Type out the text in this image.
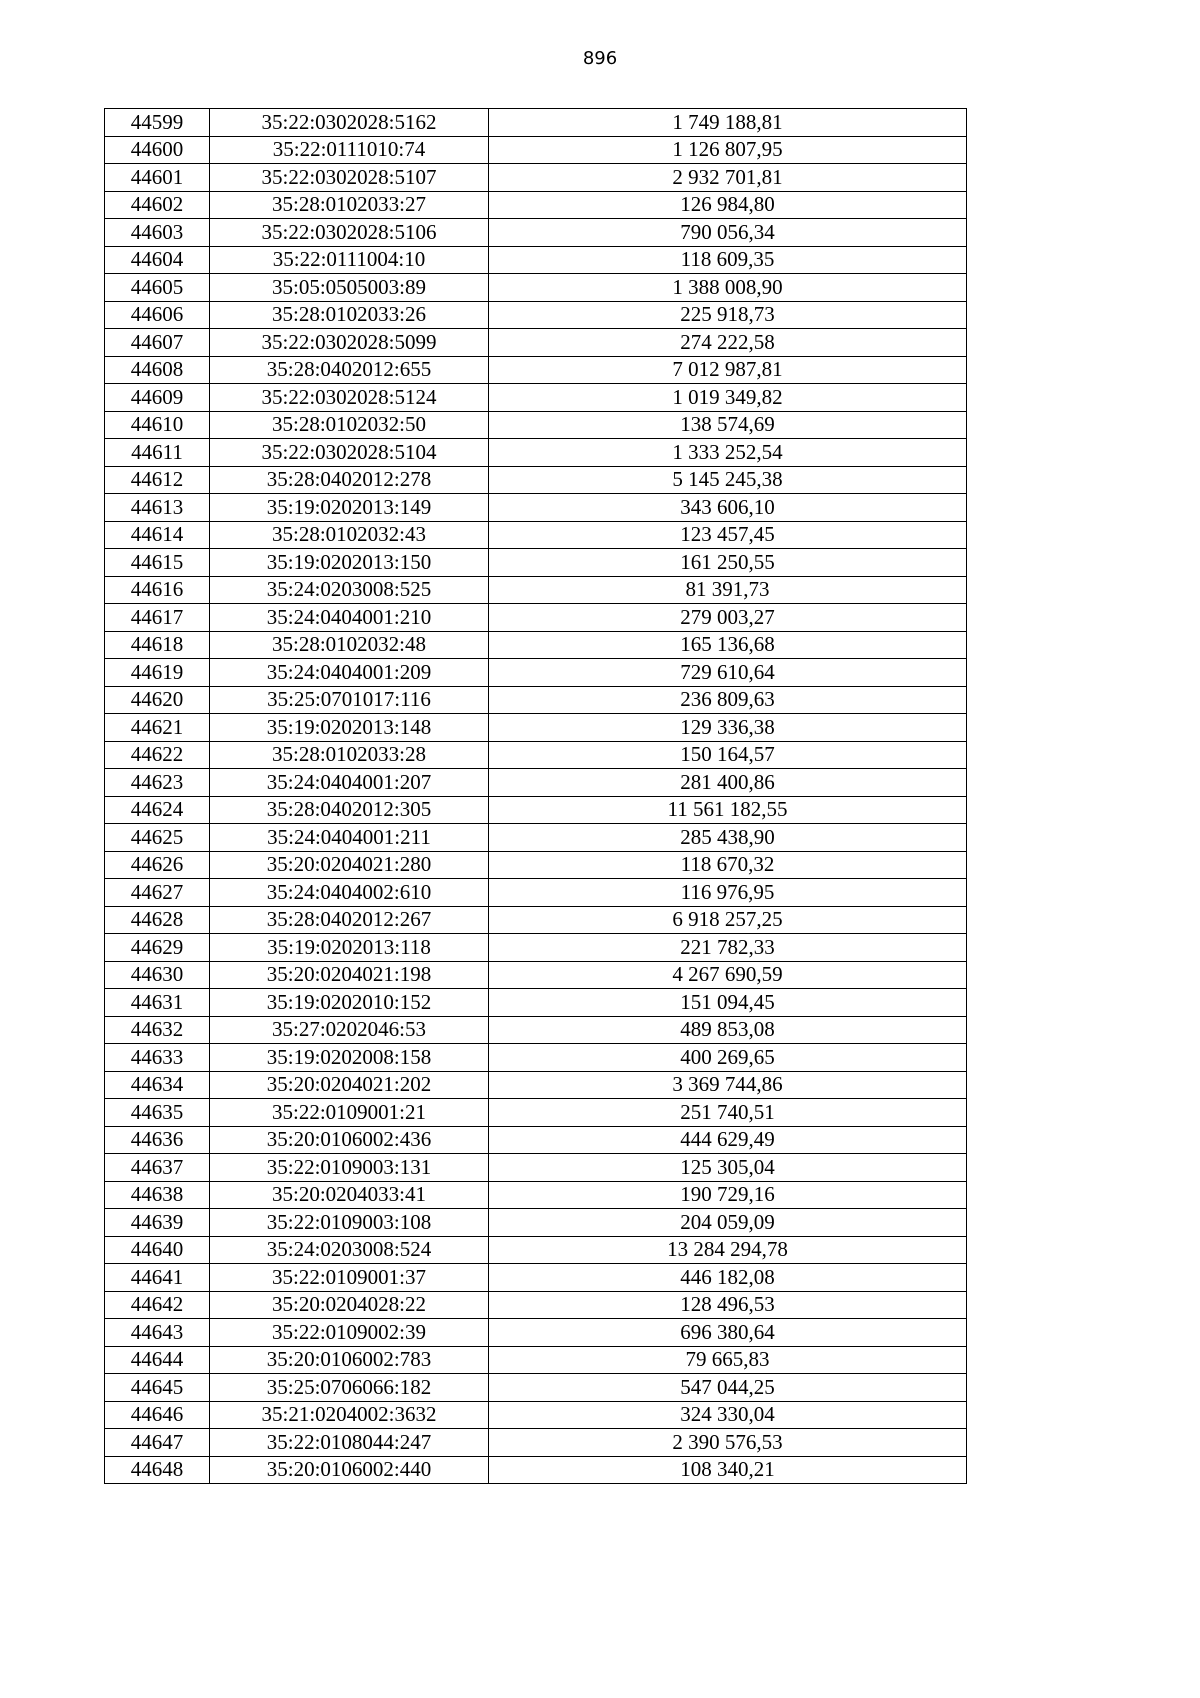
896
44599	35:22:0302028:5162	1 749 188,81
44600	35:22:0111010:74	1 126 807,95
44601	35:22:0302028:5107	2 932 701,81
44602	35:28:0102033:27	126 984,80
44603	35:22:0302028:5106	790 056,34
44604	35:22:0111004:10	118 609,35
44605	35:05:0505003:89	1 388 008,90
44606	35:28:0102033:26	225 918,73
44607	35:22:0302028:5099	274 222,58
44608	35:28:0402012:655	7 012 987,81
44609	35:22:0302028:5124	1 019 349,82
44610	35:28:0102032:50	138 574,69
44611	35:22:0302028:5104	1 333 252,54
44612	35:28:0402012:278	5 145 245,38
44613	35:19:0202013:149	343 606,10
44614	35:28:0102032:43	123 457,45
44615	35:19:0202013:150	161 250,55
44616	35:24:0203008:525	81 391,73
44617	35:24:0404001:210	279 003,27
44618	35:28:0102032:48	165 136,68
44619	35:24:0404001:209	729 610,64
44620	35:25:0701017:116	236 809,63
44621	35:19:0202013:148	129 336,38
44622	35:28:0102033:28	150 164,57
44623	35:24:0404001:207	281 400,86
44624	35:28:0402012:305	11 561 182,55
44625	35:24:0404001:211	285 438,90
44626	35:20:0204021:280	118 670,32
44627	35:24:0404002:610	116 976,95
44628	35:28:0402012:267	6 918 257,25
44629	35:19:0202013:118	221 782,33
44630	35:20:0204021:198	4 267 690,59
44631	35:19:0202010:152	151 094,45
44632	35:27:0202046:53	489 853,08
44633	35:19:0202008:158	400 269,65
44634	35:20:0204021:202	3 369 744,86
44635	35:22:0109001:21	251 740,51
44636	35:20:0106002:436	444 629,49
44637	35:22:0109003:131	125 305,04
44638	35:20:0204033:41	190 729,16
44639	35:22:0109003:108	204 059,09
44640	35:24:0203008:524	13 284 294,78
44641	35:22:0109001:37	446 182,08
44642	35:20:0204028:22	128 496,53
44643	35:22:0109002:39	696 380,64
44644	35:20:0106002:783	79 665,83
44645	35:25:0706066:182	547 044,25
44646	35:21:0204002:3632	324 330,04
44647	35:22:0108044:247	2 390 576,53
44648	35:20:0106002:440	108 340,21
